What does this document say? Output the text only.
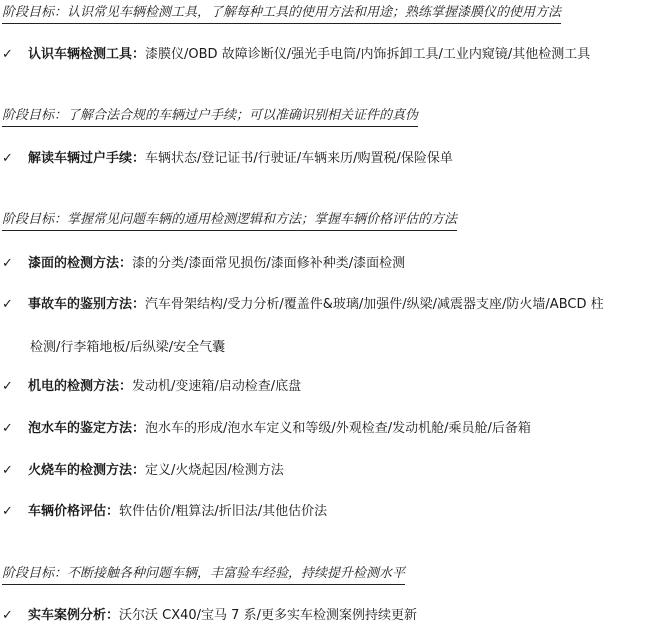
阶段目标：认识常见车辆检测工具，了解每种工具的使用方法和用途；熟练掌握漆膜仪的使用方法
✓ 认识车辆检测工具：漆膜仪/OBD 故障诊断仪/强光手电筒/内饰拆卸工具/工业内窥镜/其他检测工具
阶段目标：了解合法合规的车辆过户手续；可以准确识别相关证件的真伪
✓ 解读车辆过户手续：车辆状态/登记证书/行驶证/车辆来历/购置税/保险保单
阶段目标：掌握常见问题车辆的通用检测逻辑和方法；掌握车辆价格评估的方法
✓ 漆面的检测方法：漆的分类/漆面常见损伤/漆面修补种类/漆面检测
✓ 事故车的鉴别方法：汽车骨架结构/受力分析/覆盖件&玻璃/加强件/纵梁/减震器支座/防火墙/ABCD 柱
检测/行李箱地板/后纵梁/安全气囊
✓ 机电的检测方法：发动机/变速箱/启动检查/底盘
✓ 泡水车的鉴定方法：泡水车的形成/泡水车定义和等级/外观检查/发动机舱/乘员舱/后备箱
✓ 火烧车的检测方法：定义/火烧起因/检测方法
✓ 车辆价格评估：软件估价/粗算法/折旧法/其他估价法
阶段目标：不断接触各种问题车辆，丰富验车经验，持续提升检测水平
✓ 实车案例分析：沃尔沃 CX40/宝马 7 系/更多实车检测案例持续更新
